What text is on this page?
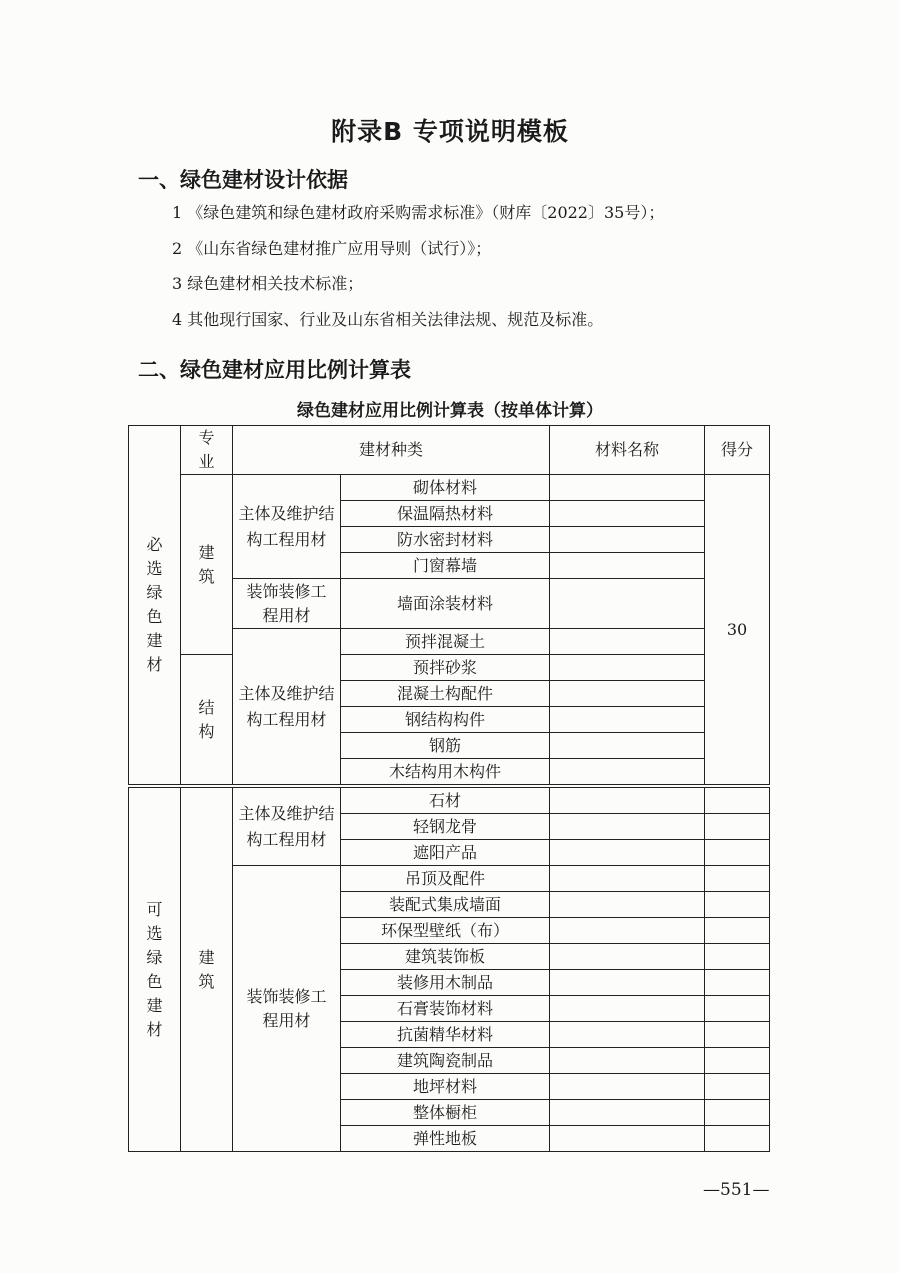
附录B 专项说明模板
一、绿色建材设计依据
1 《绿色建筑和绿色建材政府采购需求标准》（财库〔2022〕35号）；
2 《山东省绿色建材推广应用导则（试行）》；
3 绿色建材相关技术标准；
4 其他现行国家、行业及山东省相关法律法规、规范及标准。
二、绿色建材应用比例计算表
绿色建材应用比例计算表（按单体计算）
必选绿色建材	专业	建材种类		材料名称	得分
	建筑	主体及维护结构工程用材	砌体材料		30
			保温隔热材料		
			防水密封材料		
			门窗幕墙		
		装饰装修工程用材	墙面涂装材料		
		主体及维护结构工程用材	预拌混凝土		
	结构		预拌砂浆		
			混凝土构配件		
			钢结构构件		
			钢筋		
			木结构用木构件		
可选绿色建材	建筑	主体及维护结构工程用材	石材		
			轻钢龙骨		
			遮阳产品		
		装饰装修工程用材	吊顶及配件		
			装配式集成墙面		
			环保型壁纸（布）		
			建筑装饰板		
			装修用木制品		
			石膏装饰材料		
			抗菌精华材料		
			建筑陶瓷制品		
			地坪材料		
			整体橱柜		
			弹性地板		
—551—
